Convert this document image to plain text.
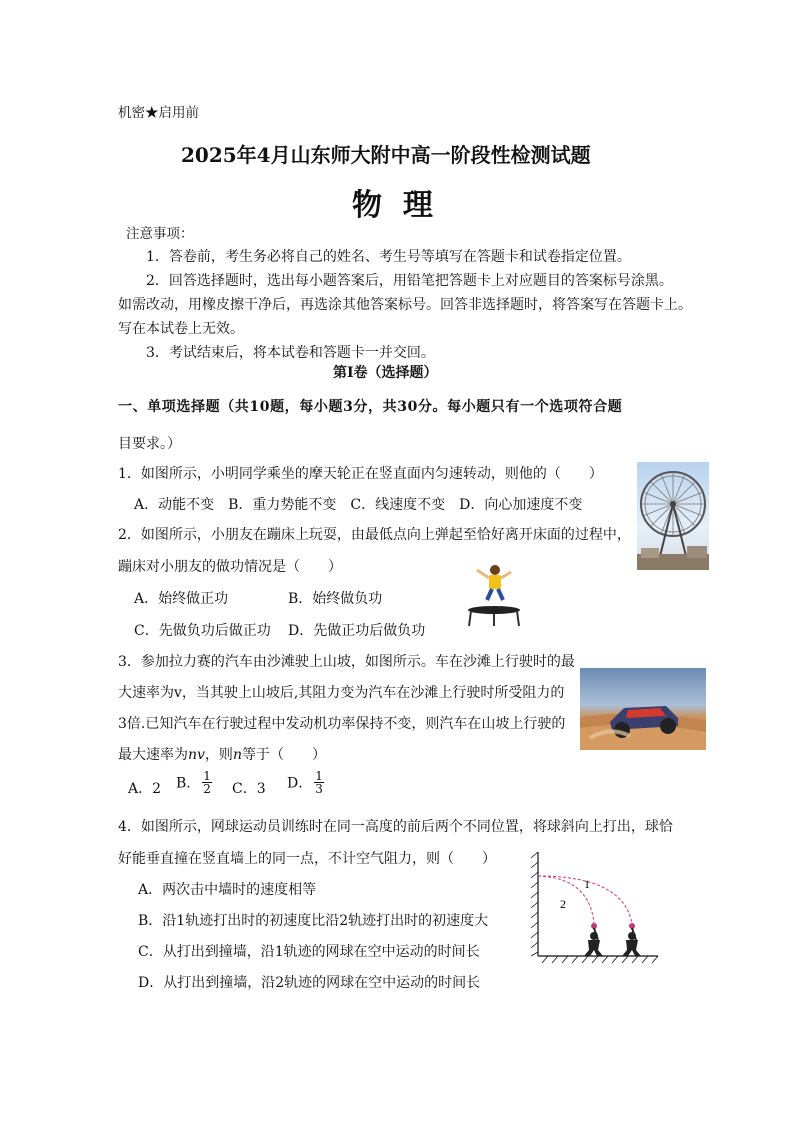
机密★启用前
2025年4月山东师大附中高一阶段性检测试题
物  理
注意事项：
1．答卷前，考生务必将自己的姓名、考生号等填写在答题卡和试卷指定位置。
2．回答选择题时，选出每小题答案后，用铅笔把答题卡上对应题目的答案标号涂黑。
如需改动，用橡皮擦干净后，再选涂其他答案标号。回答非选择题时，将答案写在答题卡上。
写在本试卷上无效。
3．考试结束后，将本试卷和答题卡一并交回。
第Ⅰ卷（选择题）
一、单项选择题（共10题，每小题3分，共30分。每小题只有一个选项符合题
目要求。）
1．如图所示，小明同学乘坐的摩天轮正在竖直面内匀速转动，则他的（　　）
A．动能不变　B．重力势能不变　C．线速度不变　D．向心加速度不变
2．如图所示，小朋友在蹦床上玩耍，由最低点向上弹起至恰好离开床面的过程中，
蹦床对小朋友的做功情况是（　　）
A．始终做正功	B．始终做负功
C．先做负功后做正功 D．先做正功后做负功
3．参加拉力赛的汽车由沙滩驶上山坡，如图所示。车在沙滩上行驶时的最
大速率为v，当其驶上山坡后,其阻力变为汽车在沙滩上行驶时所受阻力的
3倍.已知汽车在行驶过程中发动机功率保持不变，则汽车在山坡上行驶的
最大速率为nv，则n等于（　　）
A．2 B． $\frac{1}{2}$ C．3 D． $\frac{1}{3}$
4．如图所示，网球运动员训练时在同一高度的前后两个不同位置，将球斜向上打出，球恰
好能垂直撞在竖直墙上的同一点，不计空气阻力，则（　　）
A．两次击中墙时的速度相等
B．沿1轨迹打出时的初速度比沿2轨迹打出时的初速度大
C．从打出到撞墙，沿1轨迹的网球在空中运动的时间长
D．从打出到撞墙，沿2轨迹的网球在空中运动的时间长
1
2
